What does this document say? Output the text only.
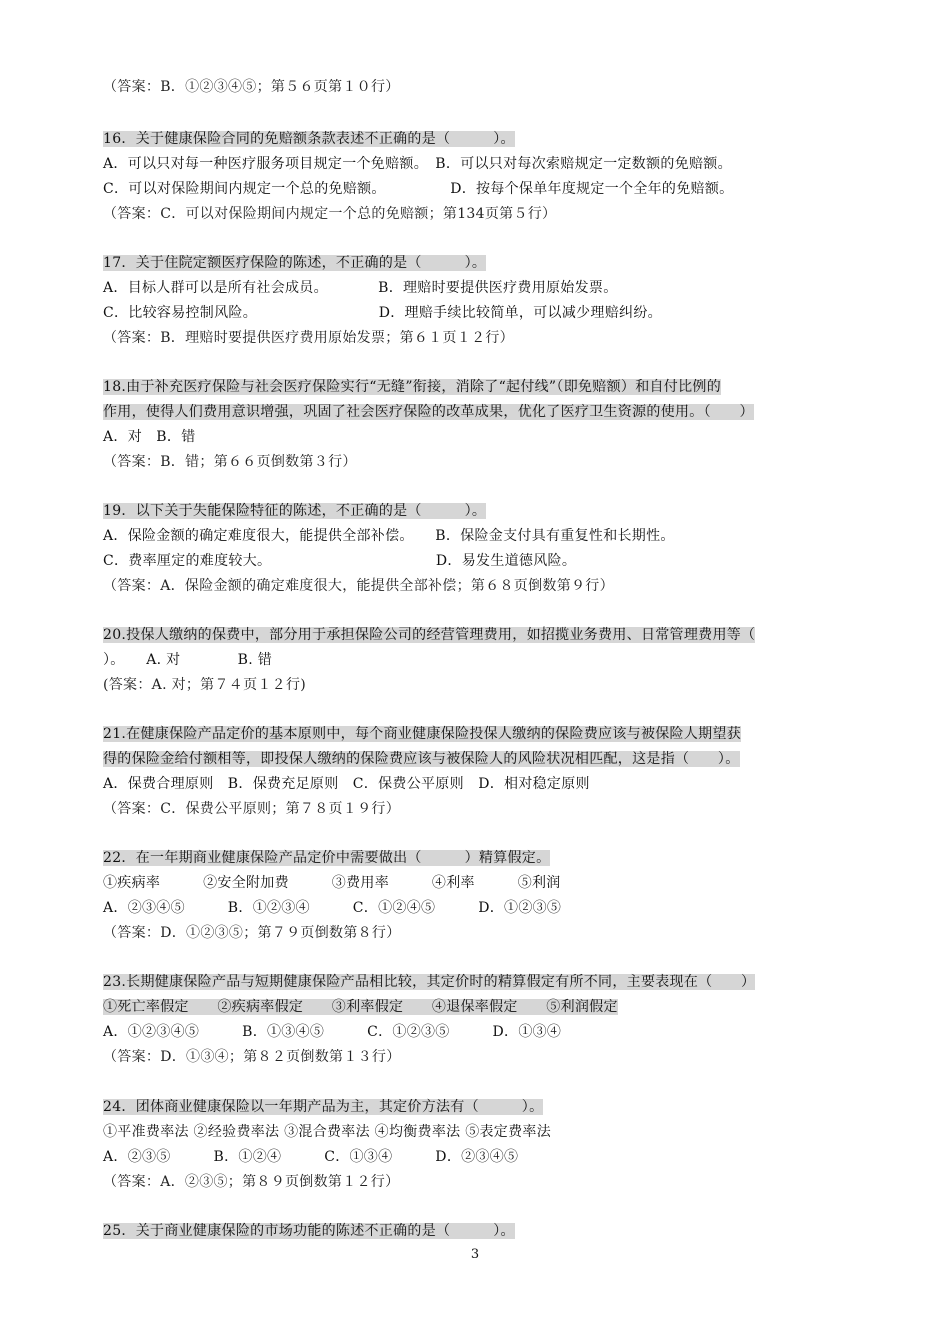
（答案：B．①②③④⑤；第５６页第１０行）
16．关于健康保险合同的免赔额条款表述不正确的是（　　　）。
A．可以只对每一种医疗服务项目规定一个免赔额。　B．可以只对每次索赔规定一定数额的免赔额。
C．可以对保险期间内规定一个总的免赔额。　　　　　D．按每个保单年度规定一个全年的免赔额。
（答案：C．可以对保险期间内规定一个总的免赔额；第134页第５行）
17．关于住院定额医疗保险的陈述，不正确的是（　　　）。
A．目标人群可以是所有社会成员。　　　　B．理赔时要提供医疗费用原始发票。
C．比较容易控制风险。　　　　　　　　　D．理赔手续比较简单，可以减少理赔纠纷。
（答案：B．理赔时要提供医疗费用原始发票；第６１页１２行）
18.由于补充医疗保险与社会医疗保险实行“无缝”衔接，消除了“起付线”（即免赔额）和自付比例的
作用，使得人们费用意识增强，巩固了社会医疗保险的改革成果，优化了医疗卫生资源的使用。（　　）
A．对　B．错
（答案：B．错；第６６页倒数第３行）
19．以下关于失能保险特征的陈述，不正确的是（　　　）。
A．保险金额的确定难度很大，能提供全部补偿。　　B．保险金支付具有重复性和长期性。
C．费率厘定的难度较大。　　　　　　　　　　　　D．易发生道德风险。
（答案：A．保险金额的确定难度很大，能提供全部补偿；第６８页倒数第９行）
20.投保人缴纳的保费中，部分用于承担保险公司的经营管理费用，如招揽业务费用、日常管理费用等（
）。　　A. 对　　　　B. 错
(答案：A. 对；第７４页１２行)
21.在健康保险产品定价的基本原则中，每个商业健康保险投保人缴纳的保险费应该与被保险人期望获
得的保险金给付额相等，即投保人缴纳的保险费应该与被保险人的风险状况相匹配，这是指（　　）。
A．保费合理原则　B．保费充足原则　C．保费公平原则　D．相对稳定原则
（答案：C．保费公平原则；第７８页１９行）
22．在一年期商业健康保险产品定价中需要做出（　　　）精算假定。
①疾病率　　　②安全附加费　　　③费用率　　　④利率　　　⑤利润
A．②③④⑤　　　B．①②③④　　　C．①②④⑤　　　D．①②③⑤
（答案：D．①②③⑤；第７９页倒数第８行）
23.长期健康保险产品与短期健康保险产品相比较，其定价时的精算假定有所不同，主要表现在（　　）
①死亡率假定　　②疾病率假定　　③利率假定　　④退保率假定　　⑤利润假定
A．①②③④⑤　　　B．①③④⑤　　　C．①②③⑤　　　D．①③④
（答案：D．①③④；第８２页倒数第１３行）
24．团体商业健康保险以一年期产品为主，其定价方法有（　　　）。
①平准费率法 ②经验费率法 ③混合费率法 ④均衡费率法 ⑤表定费率法
A．②③⑤　　　B．①②④　　　C．①③④　　　D．②③④⑤
（答案：A．②③⑤；第８９页倒数第１２行）
25．关于商业健康保险的市场功能的陈述不正确的是（　　　）。
3
